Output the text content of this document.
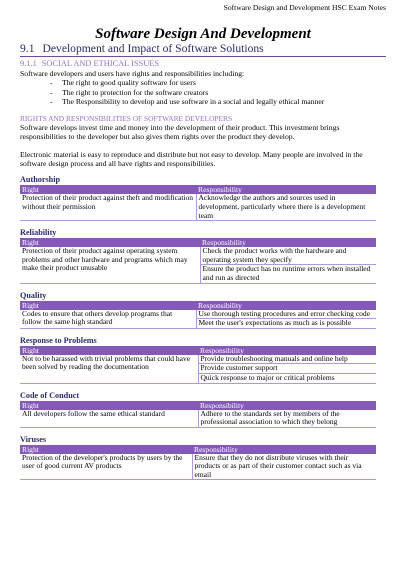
Software Design and Development HSC Exam Notes
Software Design And Development
9.1 Development and Impact of Software Solutions
9.1.1 SOCIAL AND ETHICAL ISSUES
Software developers and users have rights and responsibilities including:
- The right to good quality software for users
- The right to protection for the software creators
- The Responsibility to develop and use software in a social and legally ethical manner
RIGHTS AND RESPONSIBILITIES OF SOFTWARE DEVELOPERS
Software develops invest time and money into the development of their product. This investment brings responsibilities to the developer but also gives them rights over the product they develop.
Electronic material is easy to reproduce and distribute but not easy to develop. Many people are involved in the software design process and all have rights and responsibilities.
Authorship
Right	Responsibility
Protection of their product against theft and modification without their permission	Acknowledge the authors and sources used in development, particularly where there is a development team
Reliability
Right	Responsibility
Protection of their product against operating system problems and other hardware and programs which may make their product unusable	Check the product works with the hardware and operating system they specify
	Ensure the product has no runtime errors when installed and run as directed
Quality
Right	Responsibility
Codes to ensure that others develop programs that follow the same high standard	Use thorough testing procedures and error checking code
	Meet the user's expectations as much as is possible
Response to Problems
Right	Responsibility
Not to be harassed with trivial problems that could have been solved by reading the documentation	Provide troubleshooting manuals and online help
	Provide customer support
	Quick response to major or critical problems
Code of Conduct
Right	Responsibility
All developers follow the same ethical standard	Adhere to the standards set by members of the professional association to which they belong
Viruses
Right	Responsibility
Protection of the developer's products by users by the user of good current AV products	Ensure that they do not distribute viruses with their products or as part of their customer contact such as via email
